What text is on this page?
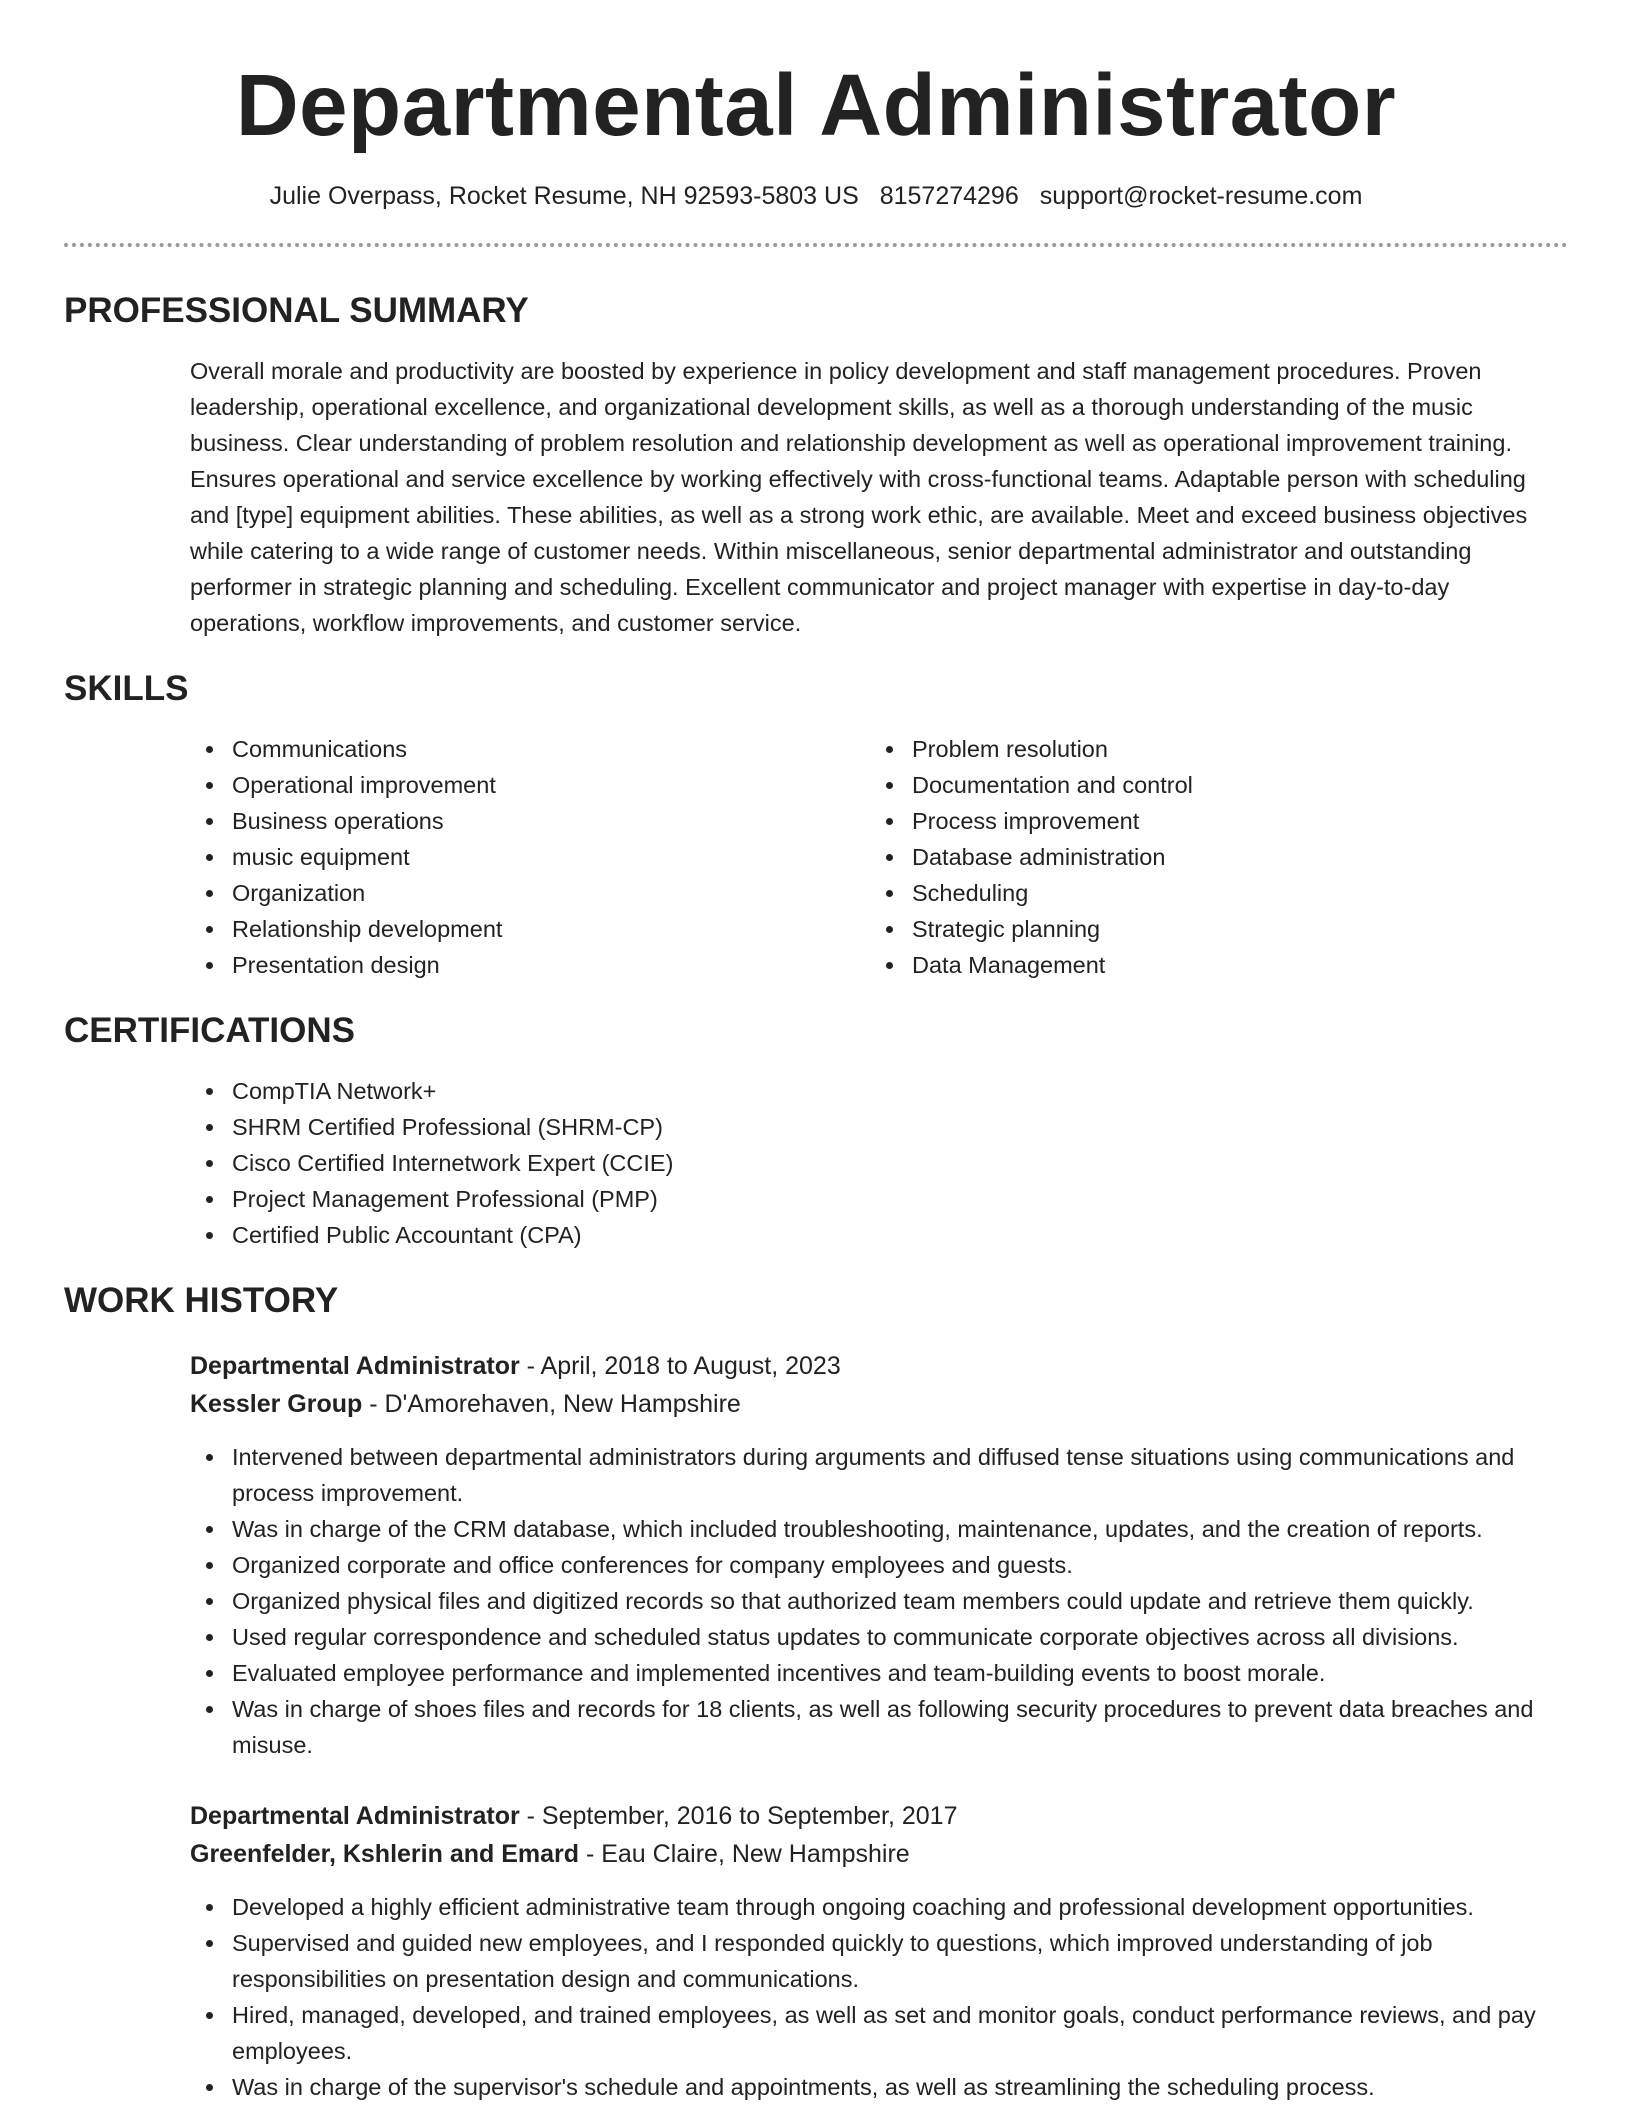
Departmental Administrator
Julie Overpass, Rocket Resume, NH 92593-5803 US 8157274296 support@rocket-resume.com
PROFESSIONAL SUMMARY

Overall morale and productivity are boosted by experience in policy development and staff management procedures. Proven leadership, operational excellence, and organizational development skills, as well as a thorough understanding of the music business. Clear understanding of problem resolution and relationship development as well as operational improvement training. Ensures operational and service excellence by working effectively with cross-functional teams. Adaptable person with scheduling and [type] equipment abilities. These abilities, as well as a strong work ethic, are available. Meet and exceed business objectives while catering to a wide range of customer needs. Within miscellaneous, senior departmental administrator and outstanding performer in strategic planning and scheduling. Excellent communicator and project manager with expertise in day-to-day operations, workflow improvements, and customer service.

SKILLS
Communications
Operational improvement
Business operations
music equipment
Organization
Relationship development
Presentation design
Problem resolution
Documentation and control
Process improvement
Database administration
Scheduling
Strategic planning
Data Management
CERTIFICATIONS
CompTIA Network+
SHRM Certified Professional (SHRM-CP)
Cisco Certified Internetwork Expert (CCIE)
Project Management Professional (PMP)
Certified Public Accountant (CPA)
WORK HISTORY
Departmental Administrator - April, 2018 to August, 2023
Kessler Group - D'Amorehaven, New Hampshire
Intervened between departmental administrators during arguments and diffused tense situations using communications and process improvement.
Was in charge of the CRM database, which included troubleshooting, maintenance, updates, and the creation of reports.
Organized corporate and office conferences for company employees and guests.
Organized physical files and digitized records so that authorized team members could update and retrieve them quickly.
Used regular correspondence and scheduled status updates to communicate corporate objectives across all divisions.
Evaluated employee performance and implemented incentives and team-building events to boost morale.
Was in charge of shoes files and records for 18 clients, as well as following security procedures to prevent data breaches and misuse.
Departmental Administrator - September, 2016 to September, 2017
Greenfelder, Kshlerin and Emard - Eau Claire, New Hampshire
Developed a highly efficient administrative team through ongoing coaching and professional development opportunities.
Supervised and guided new employees, and I responded quickly to questions, which improved understanding of job responsibilities on presentation design and communications.
Hired, managed, developed, and trained employees, as well as set and monitor goals, conduct performance reviews, and pay employees.
Was in charge of the supervisor's schedule and appointments, as well as streamlining the scheduling process.
